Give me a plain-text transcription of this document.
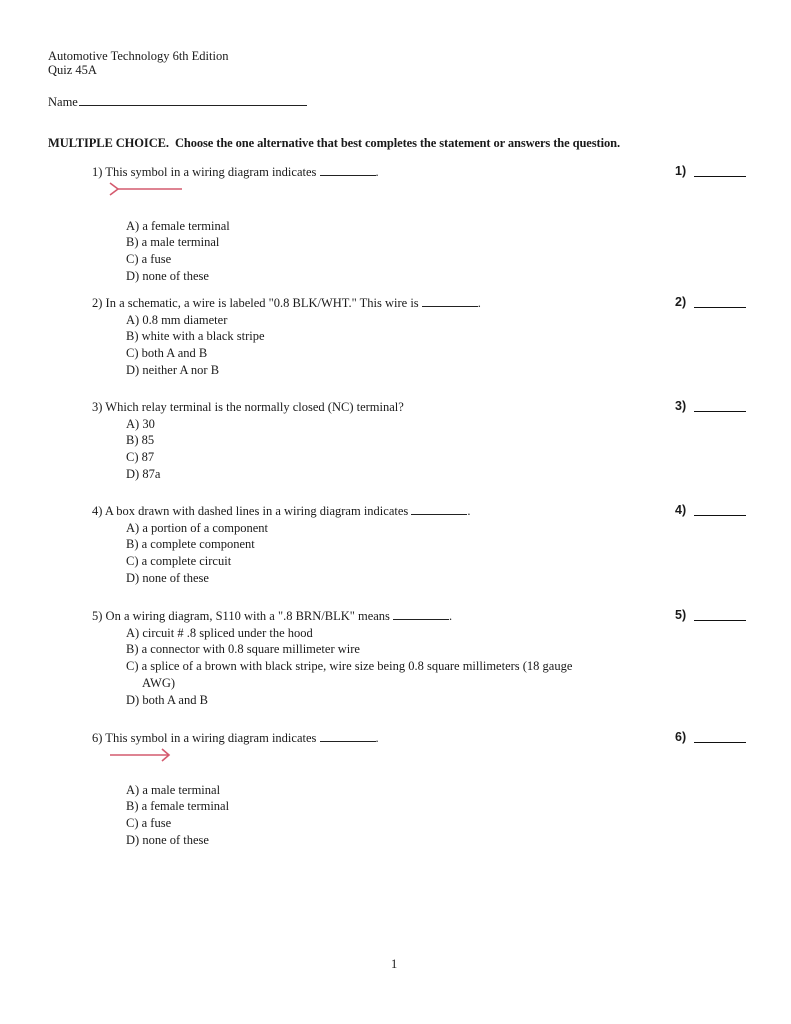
Automotive Technology 6th Edition
Quiz 45A
Name
MULTIPLE CHOICE. Choose the one alternative that best completes the statement or answers the question.
1) This symbol in a wiring diagram indicates	.
A) a female terminal
B) a male terminal
C) a fuse
D) none of these
1)
2) In a schematic, a wire is labeled "0.8 BLK/WHT." This wire is	.
A) 0.8 mm diameter
B) white with a black stripe
C) both A and B
D) neither A nor B
2)
3) Which relay terminal is the normally closed (NC) terminal?
A) 30
B) 85
C) 87
D) 87a
3)
4) A box drawn with dashed lines in a wiring diagram indicates	.
A) a portion of a component
B) a complete component
C) a complete circuit
D) none of these
4)
5) On a wiring diagram, S110 with a ".8 BRN/BLK" means	.
A) circuit # .8 spliced under the hood
B) a connector with 0.8 square millimeter wire
C) a splice of a brown with black stripe, wire size being 0.8 square millimeters (18 gauge
AWG)
D) both A and B
5)
6) This symbol in a wiring diagram indicates	.
A) a male terminal
B) a female terminal
C) a fuse
D) none of these
6)
1
